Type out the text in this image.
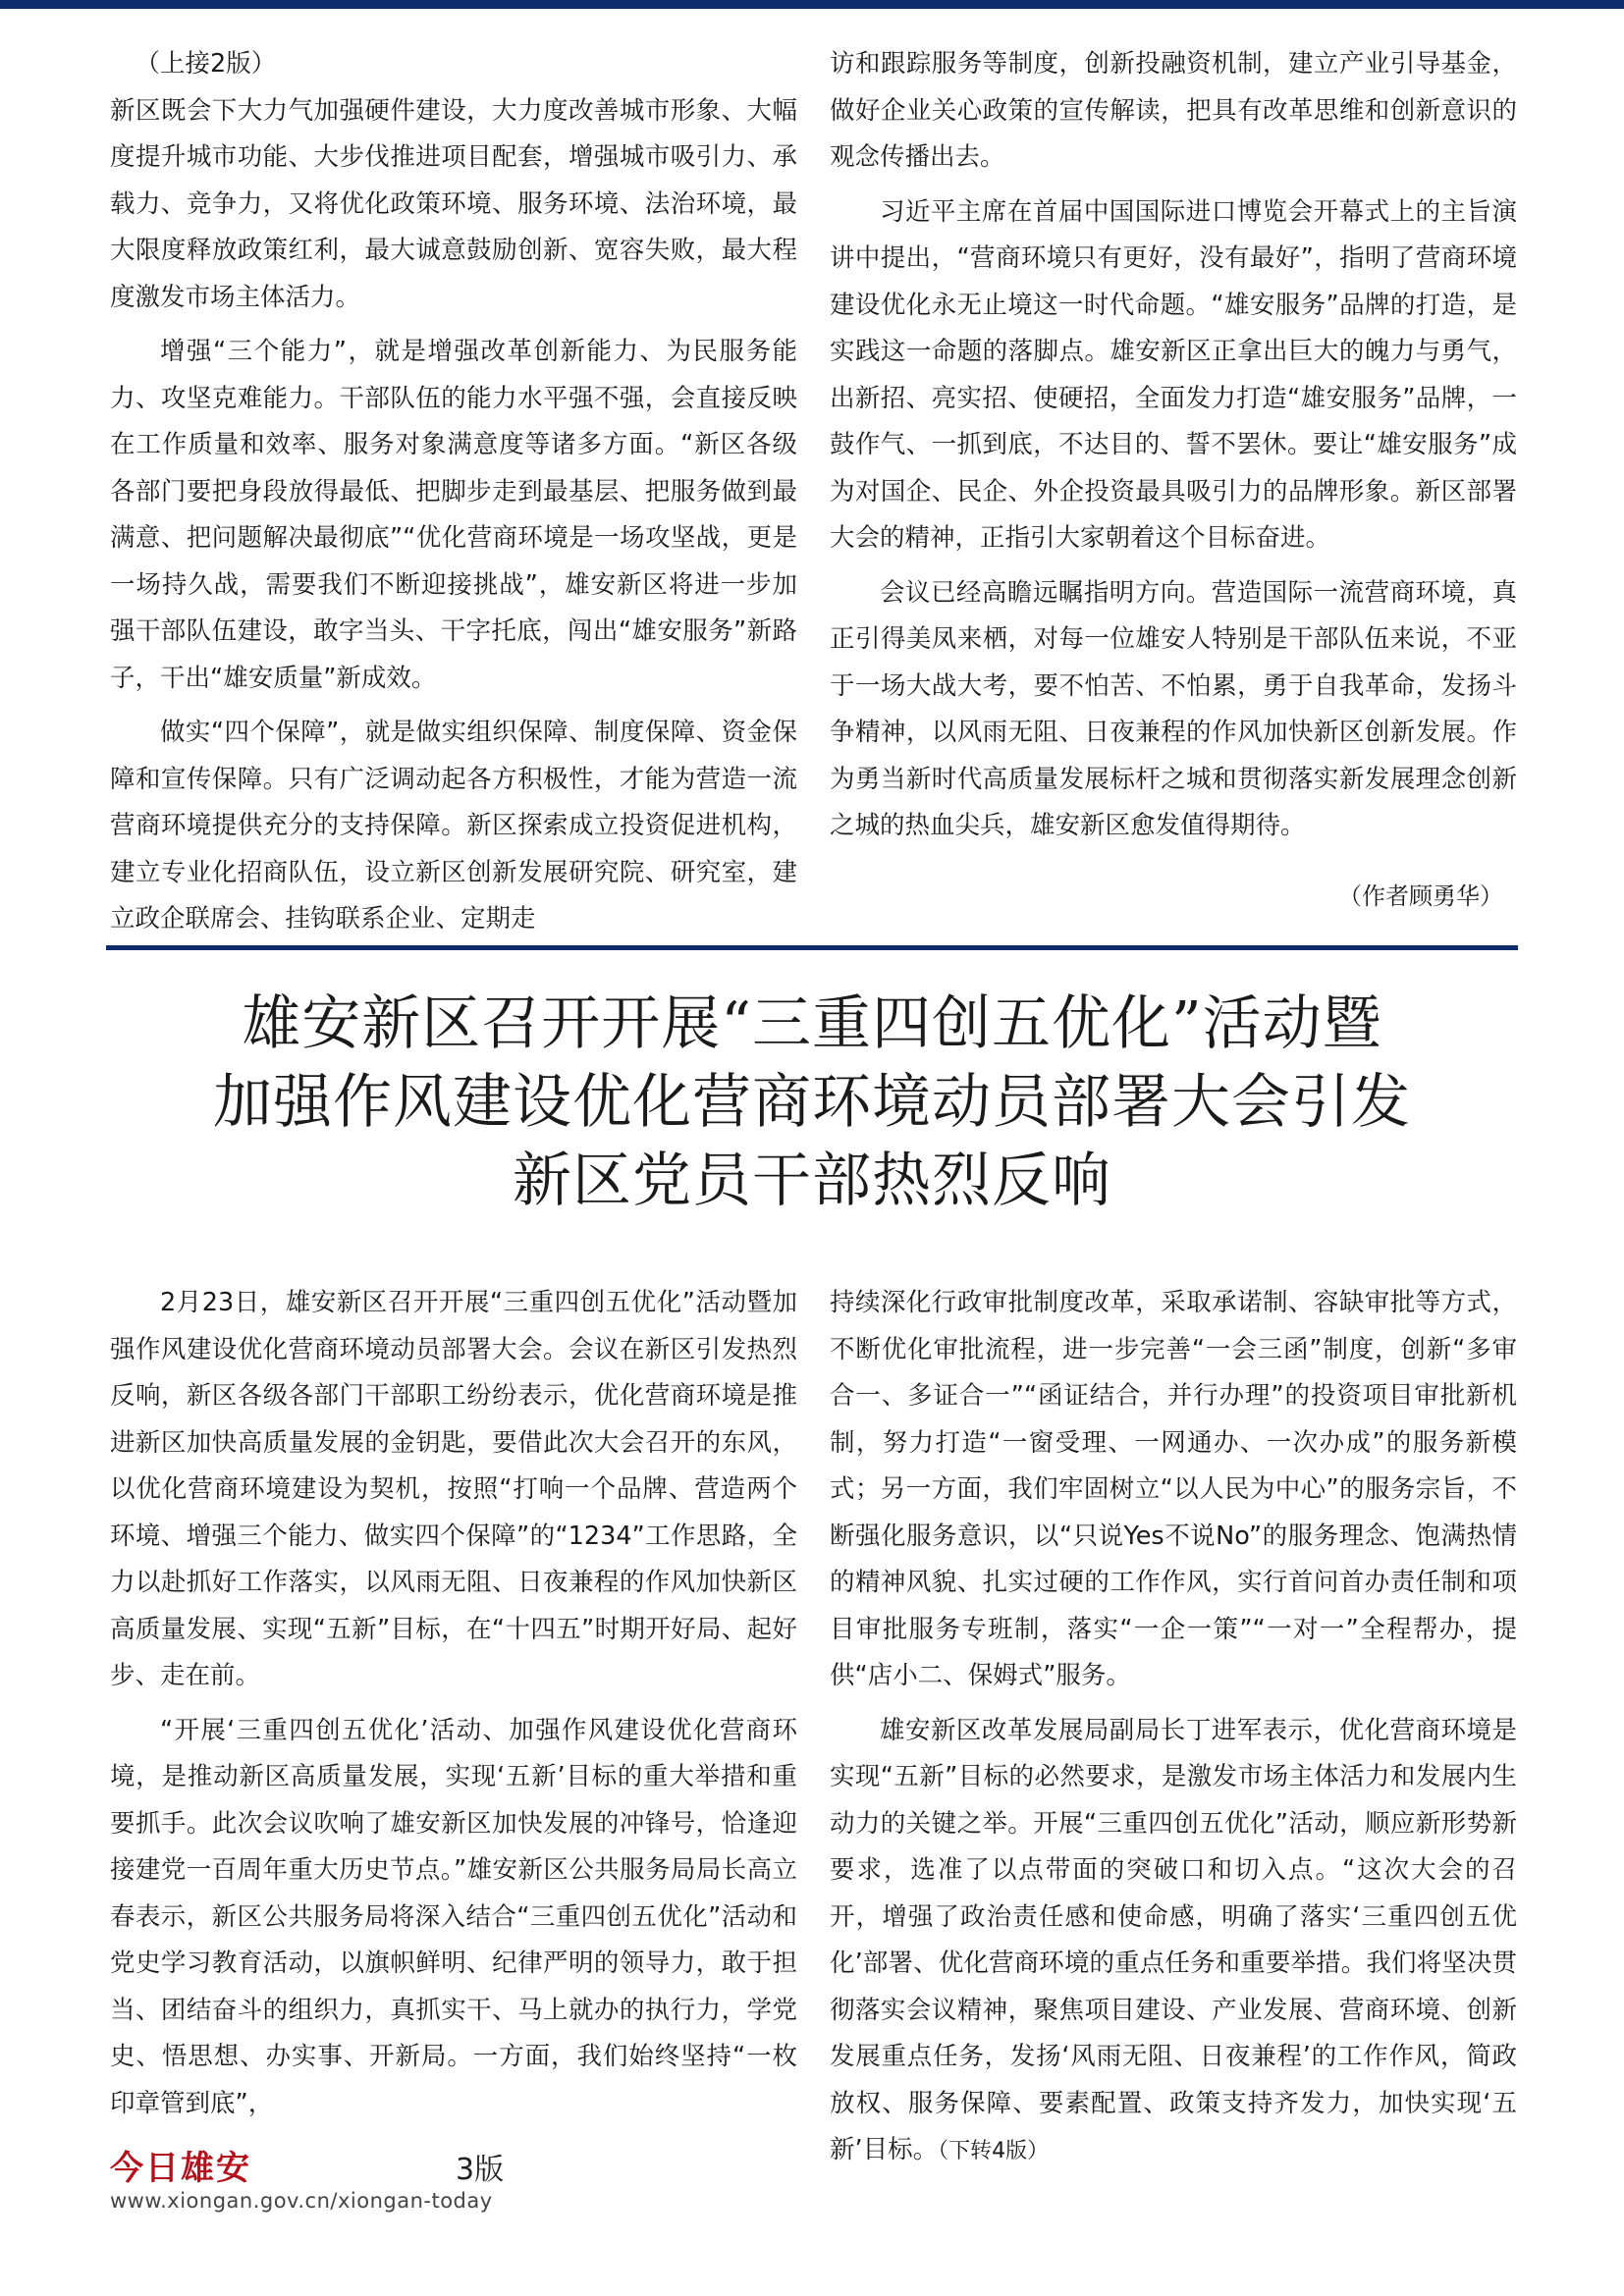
（上接2版）

新区既会下大力气加强硬件建设，大力度改善城市形象、大幅度提升城市功能、大步伐推进项目配套，增强城市吸引力、承载力、竞争力，又将优化政策环境、服务环境、法治环境，最大限度释放政策红利，最大诚意鼓励创新、宽容失败，最大程度激发市场主体活力。

增强“三个能力”，就是增强改革创新能力、为民服务能力、攻坚克难能力。干部队伍的能力水平强不强，会直接反映在工作质量和效率、服务对象满意度等诸多方面。“新区各级各部门要把身段放得最低、把脚步走到最基层、把服务做到最满意、把问题解决最彻底”“优化营商环境是一场攻坚战，更是一场持久战，需要我们不断迎接挑战”，雄安新区将进一步加强干部队伍建设，敢字当头、干字托底，闯出“雄安服务”新路子，干出“雄安质量”新成效。

做实“四个保障”，就是做实组织保障、制度保障、资金保障和宣传保障。只有广泛调动起各方积极性，才能为营造一流营商环境提供充分的支持保障。新区探索成立投资促进机构，建立专业化招商队伍，设立新区创新发展研究院、研究室，建立政企联席会、挂钩联系企业、定期走

访和跟踪服务等制度，创新投融资机制，建立产业引导基金，做好企业关心政策的宣传解读，把具有改革思维和创新意识的观念传播出去。

习近平主席在首届中国国际进口博览会开幕式上的主旨演讲中提出，“营商环境只有更好，没有最好”，指明了营商环境建设优化永无止境这一时代命题。“雄安服务”品牌的打造，是实践这一命题的落脚点。雄安新区正拿出巨大的魄力与勇气，出新招、亮实招、使硬招，全面发力打造“雄安服务”品牌，一鼓作气、一抓到底，不达目的、誓不罢休。要让“雄安服务”成为对国企、民企、外企投资最具吸引力的品牌形象。新区部署大会的精神，正指引大家朝着这个目标奋进。

会议已经高瞻远瞩指明方向。营造国际一流营商环境，真正引得美凤来栖，对每一位雄安人特别是干部队伍来说，不亚于一场大战大考，要不怕苦、不怕累，勇于自我革命，发扬斗争精神，以风雨无阻、日夜兼程的作风加快新区创新发展。作为勇当新时代高质量发展标杆之城和贯彻落实新发展理念创新之城的热血尖兵，雄安新区愈发值得期待。

（作者顾勇华）
雄安新区召开开展“三重四创五优化”活动暨
加强作风建设优化营商环境动员部署大会引发
新区党员干部热烈反响

2月23日，雄安新区召开开展“三重四创五优化”活动暨加强作风建设优化营商环境动员部署大会。会议在新区引发热烈反响，新区各级各部门干部职工纷纷表示，优化营商环境是推进新区加快高质量发展的金钥匙，要借此次大会召开的东风，以优化营商环境建设为契机，按照“打响一个品牌、营造两个环境、增强三个能力、做实四个保障”的“1234”工作思路，全力以赴抓好工作落实，以风雨无阻、日夜兼程的作风加快新区高质量发展、实现“五新”目标，在“十四五”时期开好局、起好步、走在前。

“开展‘三重四创五优化’活动、加强作风建设优化营商环境，是推动新区高质量发展，实现‘五新’目标的重大举措和重要抓手。此次会议吹响了雄安新区加快发展的冲锋号，恰逢迎接建党一百周年重大历史节点。”雄安新区公共服务局局长高立春表示，新区公共服务局将深入结合“三重四创五优化”活动和党史学习教育活动，以旗帜鲜明、纪律严明的领导力，敢于担当、团结奋斗的组织力，真抓实干、马上就办的执行力，学党史、悟思想、办实事、开新局。一方面，我们始终坚持“一枚印章管到底”，

持续深化行政审批制度改革，采取承诺制、容缺审批等方式，不断优化审批流程，进一步完善“一会三函”制度，创新“多审合一、多证合一”“函证结合，并行办理”的投资项目审批新机制，努力打造“一窗受理、一网通办、一次办成”的服务新模式；另一方面，我们牢固树立“以人民为中心”的服务宗旨，不断强化服务意识，以“只说Yes不说No”的服务理念、饱满热情的精神风貌、扎实过硬的工作作风，实行首问首办责任制和项目审批服务专班制，落实“一企一策”“一对一”全程帮办，提供“店小二、保姆式”服务。

雄安新区改革发展局副局长丁进军表示，优化营商环境是实现“五新”目标的必然要求，是激发市场主体活力和发展内生动力的关键之举。开展“三重四创五优化”活动，顺应新形势新要求，选准了以点带面的突破口和切入点。“这次大会的召开，增强了政治责任感和使命感，明确了落实‘三重四创五优化’部署、优化营商环境的重点任务和重要举措。我们将坚决贯彻落实会议精神，聚焦项目建设、产业发展、营商环境、创新发展重点任务，发扬‘风雨无阻、日夜兼程’的工作作风，简政放权、服务保障、要素配置、政策支持齐发力，加快实现‘五新’目标。（下转4版）

今日雄安	3版
www.xiongan.gov.cn/xiongan-today
